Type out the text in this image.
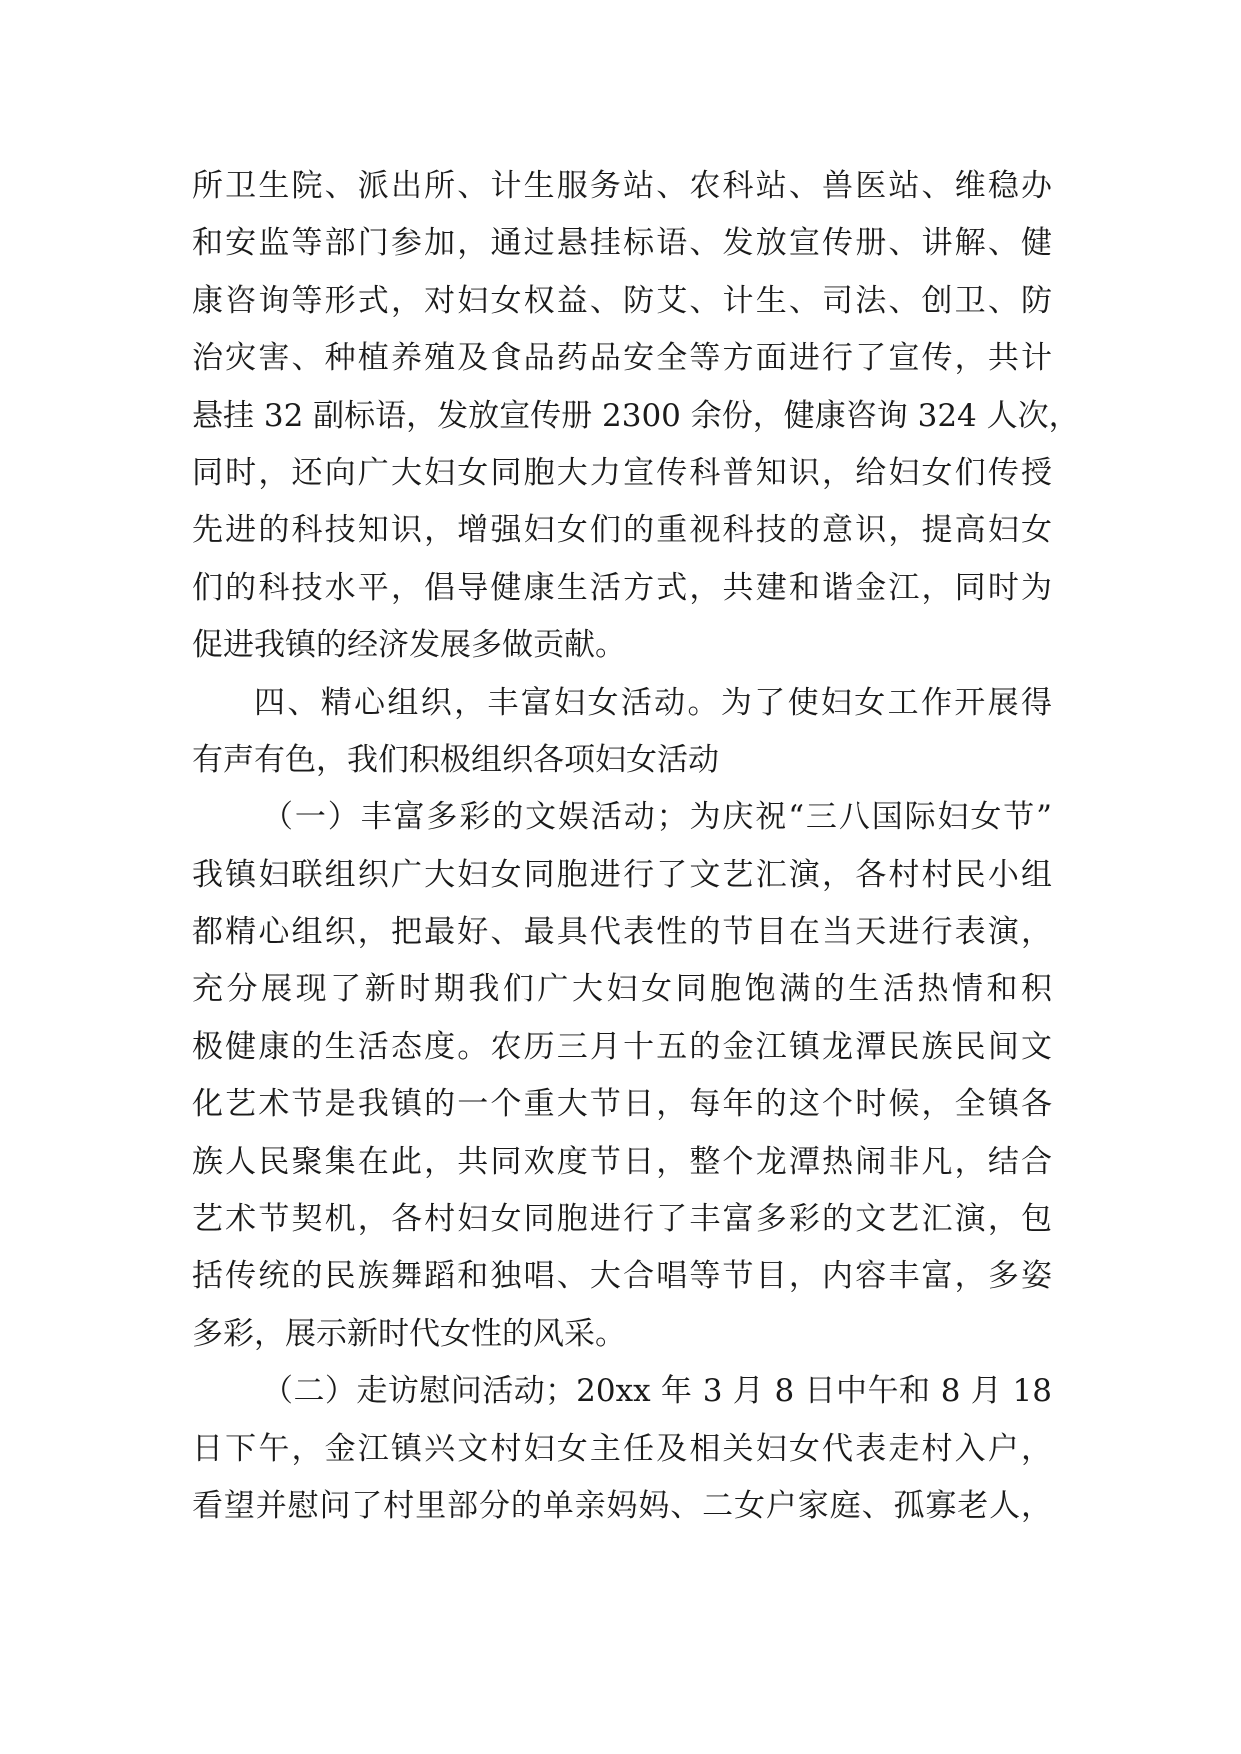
所卫生院、派出所、计生服务站、农科站、兽医站、维稳办
和安监等部门参加，通过悬挂标语、发放宣传册、讲解、健
康咨询等形式，对妇女权益、防艾、计生、司法、创卫、防
治灾害、种植养殖及食品药品安全等方面进行了宣传，共计
悬挂 32 副标语，发放宣传册 2300 余份，健康咨询 324 人次，
同时，还向广大妇女同胞大力宣传科普知识，给妇女们传授
先进的科技知识，增强妇女们的重视科技的意识，提高妇女
们的科技水平，倡导健康生活方式，共建和谐金江，同时为
促进我镇的经济发展多做贡献。
四、精心组织，丰富妇女活动。为了使妇女工作开展得
有声有色，我们积极组织各项妇女活动
（一）丰富多彩的文娱活动；为庆祝“三八国际妇女节”
我镇妇联组织广大妇女同胞进行了文艺汇演，各村村民小组
都精心组织，把最好、最具代表性的节目在当天进行表演，
充分展现了新时期我们广大妇女同胞饱满的生活热情和积
极健康的生活态度。农历三月十五的金江镇龙潭民族民间文
化艺术节是我镇的一个重大节日，每年的这个时候，全镇各
族人民聚集在此，共同欢度节日，整个龙潭热闹非凡，结合
艺术节契机，各村妇女同胞进行了丰富多彩的文艺汇演，包
括传统的民族舞蹈和独唱、大合唱等节目，内容丰富，多姿
多彩，展示新时代女性的风采。
（二）走访慰问活动；20xx 年 3 月 8 日中午和 8 月 18
日下午，金江镇兴文村妇女主任及相关妇女代表走村入户，
看望并慰问了村里部分的单亲妈妈、二女户家庭、孤寡老人，
